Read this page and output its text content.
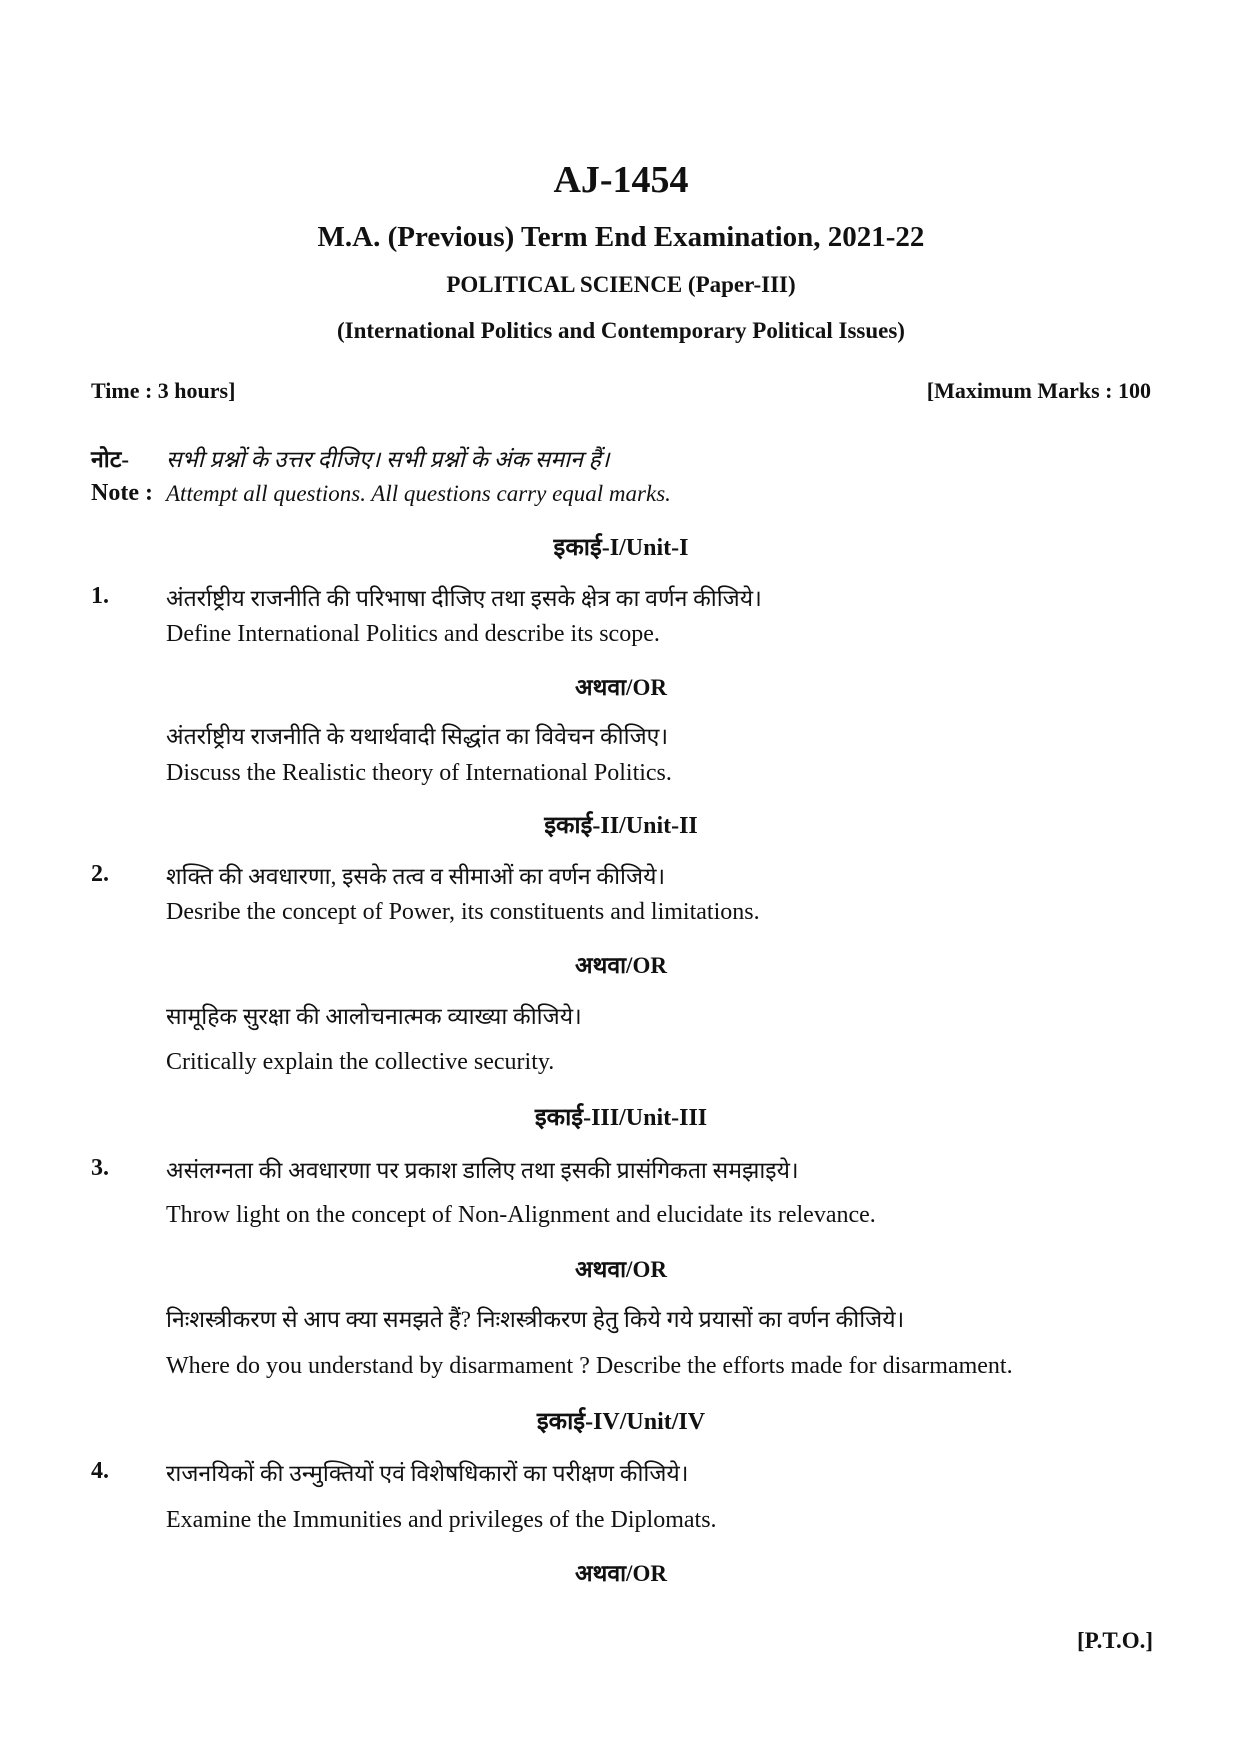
AJ-1454
M.A. (Previous) Term End Examination, 2021-22
POLITICAL SCIENCE (Paper-III)
(International Politics and Contemporary Political Issues)
Time : 3 hours]	[Maximum Marks : 100
नोट- सभी प्रश्नों के उत्तर दीजिए। सभी प्रश्नों के अंक समान हैं।
Note : Attempt all questions. All questions carry equal marks.
इकाई-I/Unit-I
1. अंतर्राष्ट्रीय राजनीति की परिभाषा दीजिए तथा इसके क्षेत्र का वर्णन कीजिये।
Define International Politics and describe its scope.
अथवा/OR
अंतर्राष्ट्रीय राजनीति के यथार्थवादी सिद्धांत का विवेचन कीजिए।
Discuss the Realistic theory of International Politics.
इकाई-II/Unit-II
2. शक्ति की अवधारणा, इसके तत्व व सीमाओं का वर्णन कीजिये।
Desribe the concept of Power, its constituents and limitations.
अथवा/OR
सामूहिक सुरक्षा की आलोचनात्मक व्याख्या कीजिये।
Critically explain the collective security.
इकाई-III/Unit-III
3. असंलग्नता की अवधारणा पर प्रकाश डालिए तथा इसकी प्रासंगिकता समझाइये।
Throw light on the concept of Non-Alignment and elucidate its relevance.
अथवा/OR
निःशस्त्रीकरण से आप क्या समझते हैं? निःशस्त्रीकरण हेतु किये गये प्रयासों का वर्णन कीजिये।
Where do you understand by disarmament ? Describe the efforts made for disarmament.
इकाई-IV/Unit/IV
4. राजनयिकों की उन्मुक्तियों एवं विशेषधिकारों का परीक्षण कीजिये।
Examine the Immunities and privileges of the Diplomats.
अथवा/OR
[P.T.O.]
